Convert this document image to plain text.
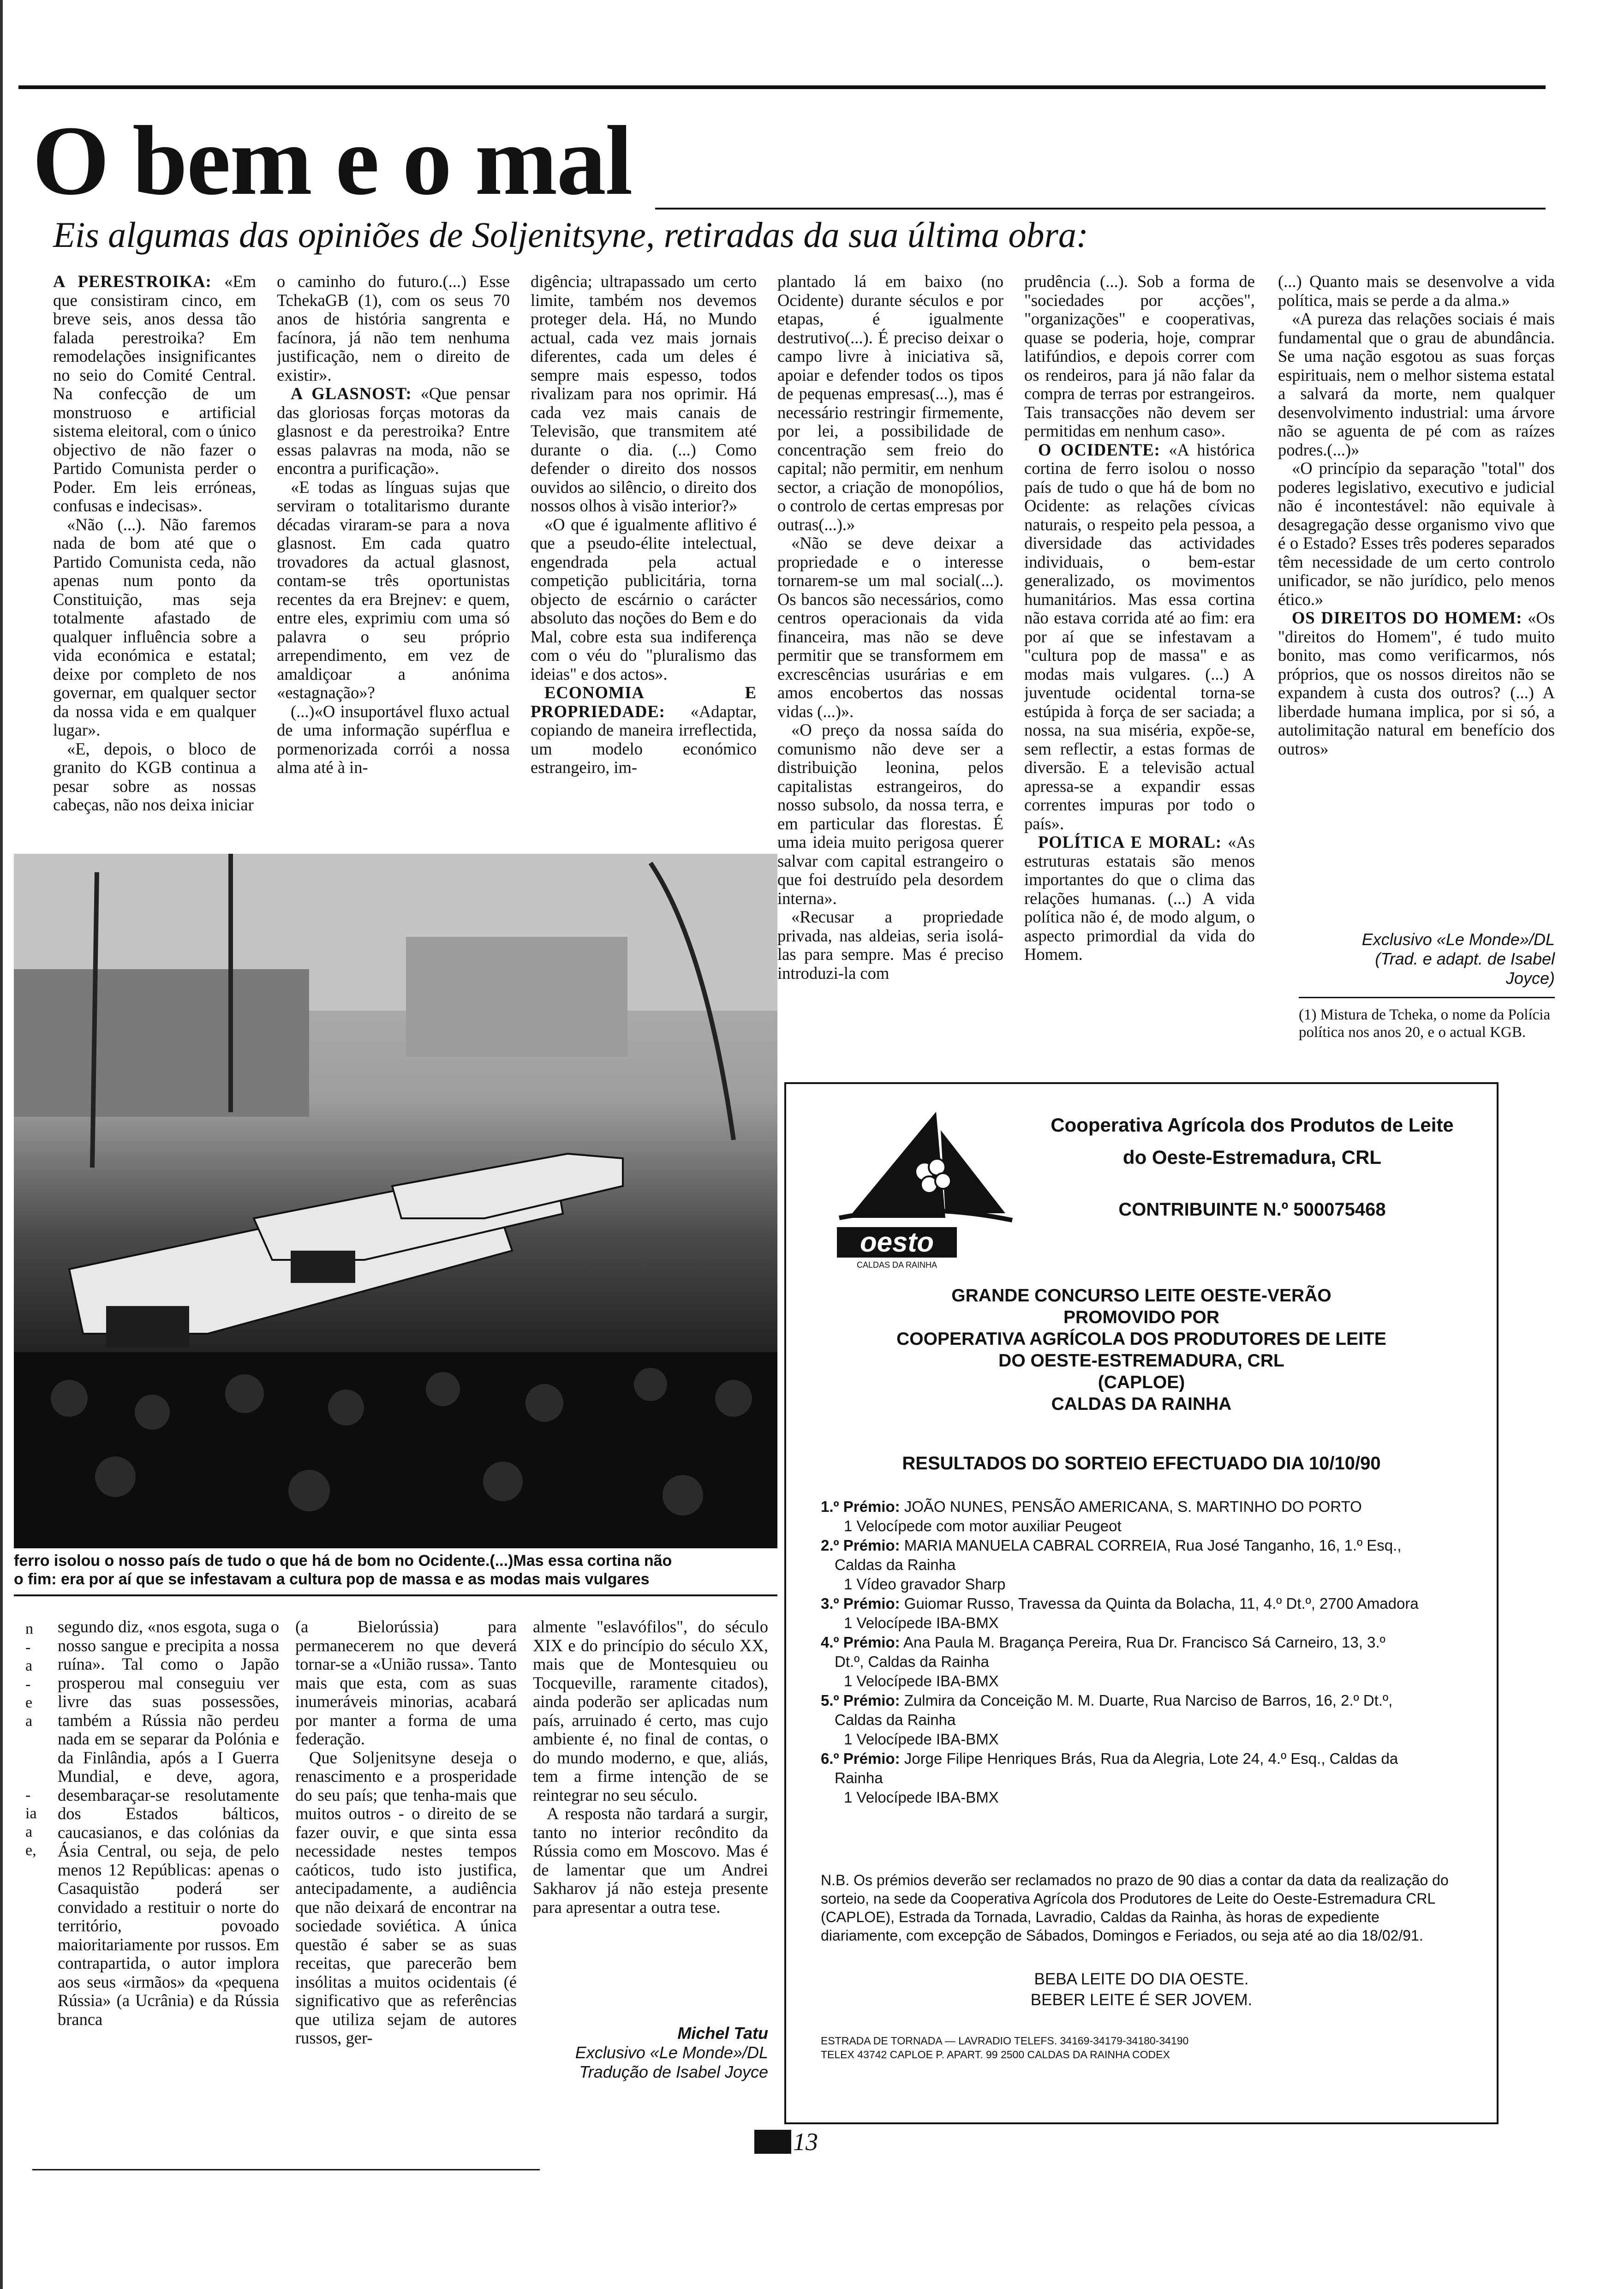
O bem e o mal
Eis algumas das opiniões de Soljenitsyne, retiradas da sua última obra:

A PERESTROIKA: «Em que consistiram cinco, em breve seis, anos dessa tão falada perestroika? Em remodelações insignificantes no seio do Comité Central. Na confecção de um monstruoso e artificial sistema eleitoral, com o único objectivo de não fazer o Partido Comunista perder o Poder. Em leis erróneas, confusas e indecisas».

«Não (...). Não faremos nada de bom até que o Partido Comunista ceda, não apenas num ponto da Constituição, mas seja totalmente afastado de qualquer influência sobre a vida económica e estatal; deixe por completo de nos governar, em qualquer sector da nossa vida e em qualquer lugar».

«E, depois, o bloco de granito do KGB continua a pesar sobre as nossas cabeças, não nos deixa iniciar

o caminho do futuro.(...) Esse TchekaGB (1), com os seus 70 anos de história sangrenta e facínora, já não tem nenhuma justificação, nem o direito de existir».

A GLASNOST: «Que pensar das gloriosas forças motoras da glasnost e da perestroika? Entre essas palavras na moda, não se encontra a purificação».

«E todas as línguas sujas que serviram o totalitarismo durante décadas viraram-se para a nova glasnost. Em cada quatro trovadores da actual glasnost, contam-se três oportunistas recentes da era Brejnev: e quem, entre eles, exprimiu com uma só palavra o seu próprio arrependimento, em vez de amaldiçoar a anónima «estagnação»?

(...)«O insuportável fluxo actual de uma informação supérflua e pormenorizada corrói a nossa alma até à in-

digência; ultrapassado um certo limite, também nos devemos proteger dela. Há, no Mundo actual, cada vez mais jornais diferentes, cada um deles é sempre mais espesso, todos rivalizam para nos oprimir. Há cada vez mais canais de Televisão, que transmitem até durante o dia. (...) Como defender o direito dos nossos ouvidos ao silêncio, o direito dos nossos olhos à visão interior?»

«O que é igualmente aflitivo é que a pseudo-élite intelectual, engendrada pela actual competição publicitária, torna objecto de escárnio o carácter absoluto das noções do Bem e do Mal, cobre esta sua indiferença com o véu do "pluralismo das ideias" e dos actos».

ECONOMIA E PROPRIEDADE: «Adaptar, copiando de maneira irreflectida, um modelo económico estrangeiro, im-

plantado lá em baixo (no Ocidente) durante séculos e por etapas, é igualmente destrutivo(...). É preciso deixar o campo livre à iniciativa sã, apoiar e defender todos os tipos de pequenas empresas(...), mas é necessário restringir firmemente, por lei, a possibilidade de concentração sem freio do capital; não permitir, em nenhum sector, a criação de monopólios, o controlo de certas empresas por outras(...).»

«Não se deve deixar a propriedade e o interesse tornarem-se um mal social(...). Os bancos são necessários, como centros operacionais da vida financeira, mas não se deve permitir que se transformem em excrescências usurárias e em amos encobertos das nossas vidas (...)».

«O preço da nossa saída do comunismo não deve ser a distribuição leonina, pelos capitalistas estrangeiros, do nosso subsolo, da nossa terra, e em particular das florestas. É uma ideia muito perigosa querer salvar com capital estrangeiro o que foi destruído pela desordem interna».

«Recusar a propriedade privada, nas aldeias, seria isolá-las para sempre. Mas é preciso introduzi-la com

prudência (...). Sob a forma de "sociedades por acções", "organizações" e cooperativas, quase se poderia, hoje, comprar latifúndios, e depois correr com os rendeiros, para já não falar da compra de terras por estrangeiros. Tais transacções não devem ser permitidas em nenhum caso».

O OCIDENTE: «A histórica cortina de ferro isolou o nosso país de tudo o que há de bom no Ocidente: as relações cívicas naturais, o respeito pela pessoa, a diversidade das actividades individuais, o bem-estar generalizado, os movimentos humanitários. Mas essa cortina não estava corrida até ao fim: era por aí que se infestavam a "cultura pop de massa" e as modas mais vulgares. (...) A juventude ocidental torna-se estúpida à força de ser saciada; a nossa, na sua miséria, expõe-se, sem reflectir, a estas formas de diversão. E a televisão actual apressa-se a expandir essas correntes impuras por todo o país».

POLÍTICA E MORAL: «As estruturas estatais são menos importantes do que o clima das relações humanas. (...) A vida política não é, de modo algum, o aspecto primordial da vida do Homem.

(...) Quanto mais se desenvolve a vida política, mais se perde a da alma.»

«A pureza das relações sociais é mais fundamental que o grau de abundância. Se uma nação esgotou as suas forças espirituais, nem o melhor sistema estatal a salvará da morte, nem qualquer desenvolvimento industrial: uma árvore não se aguenta de pé com as raízes podres.(...)»

«O princípio da separação "total" dos poderes legislativo, executivo e judicial não é incontestável: não equivale à desagregação desse organismo vivo que é o Estado? Esses três poderes separados têm necessidade de um certo controlo unificador, se não jurídico, pelo menos ético.»

OS DIREITOS DO HOMEM: «Os "direitos do Homem", é tudo muito bonito, mas como verificarmos, nós próprios, que os nossos direitos não se expandem à custa dos outros? (...) A liberdade humana implica, por si só, a autolimitação natural em benefício dos outros»

Exclusivo «Le Monde»/DL
(Trad. e adapt. de Isabel
Joyce)
(1) Mistura de Tcheka, o nome da Polícia política nos anos 20, e o actual KGB.
ferro isolou o nosso país de tudo o que há de bom no Ocidente.(...)Mas essa cortina não
o fim: era por aí que se infestavam a cultura pop de massa e as modas mais vulgares
n
-
a
-
e
a
-
ia
a
e,

segundo diz, «nos esgota, suga o nosso sangue e precipita a nossa ruína». Tal como o Japão prosperou mal conseguiu ver livre das suas possessões, também a Rússia não perdeu nada em se separar da Polónia e da Finlândia, após a I Guerra Mundial, e deve, agora, desembaraçar-se resolutamente dos Estados bálticos, caucasianos, e das colónias da Ásia Central, ou seja, de pelo menos 12 Repúblicas: apenas o Casaquistão poderá ser convidado a restituir o norte do território, povoado maioritariamente por russos. Em contrapartida, o autor implora aos seus «irmãos» da «pequena Rússia» (a Ucrânia) e da Rússia branca

(a Bielorússia) para permanecerem no que deverá tornar-se a «União russa». Tanto mais que esta, com as suas inumeráveis minorias, acabará por manter a forma de uma federação.

Que Soljenitsyne deseja o renascimento e a prosperidade do seu país; que tenha-mais que muitos outros - o direito de se fazer ouvir, e que sinta essa necessidade nestes tempos caóticos, tudo isto justifica, antecipadamente, a audiência que não deixará de encontrar na sociedade soviética. A única questão é saber se as suas receitas, que parecerão bem insólitas a muitos ocidentais (é significativo que as referências que utiliza sejam de autores russos, ger-

almente "eslavófilos", do século XIX e do princípio do século XX, mais que de Montesquieu ou Tocqueville, raramente citados), ainda poderão ser aplicadas num país, arruinado é certo, mas cujo ambiente é, no final de contas, o do mundo moderno, e que, aliás, tem a firme intenção de se reintegrar no seu século.

A resposta não tardará a surgir, tanto no interior recôndito da Rússia como em Moscovo. Mas é de lamentar que um Andrei Sakharov já não esteja presente para apresentar a outra tese.

Michel Tatu
Exclusivo «Le Monde»/DL
Tradução de Isabel Joyce
oesto
CALDAS DA RAINHA
Cooperativa Agrícola dos Produtos de Leite
do Oeste-Estremadura, CRL
CONTRIBUINTE N.º 500075468
GRANDE CONCURSO LEITE OESTE-VERÃO
PROMOVIDO POR
COOPERATIVA AGRÍCOLA DOS PRODUTORES DE LEITE
DO OESTE-ESTREMADURA, CRL
(CAPLOE)
CALDAS DA RAINHA
RESULTADOS DO SORTEIO EFECTUADO DIA 10/10/90
1.º Prémio: JOÃO NUNES, PENSÃO AMERICANA, S. MARTINHO DO PORTO
1 Velocípede com motor auxiliar Peugeot
2.º Prémio: MARIA MANUELA CABRAL CORREIA, Rua José Tanganho, 16, 1.º Esq.,
Caldas da Rainha
1 Vídeo gravador Sharp
3.º Prémio: Guiomar Russo, Travessa da Quinta da Bolacha, 11, 4.º Dt.º, 2700 Amadora
1 Velocípede IBA-BMX
4.º Prémio: Ana Paula M. Bragança Pereira, Rua Dr. Francisco Sá Carneiro, 13, 3.º
Dt.º, Caldas da Rainha
1 Velocípede IBA-BMX
5.º Prémio: Zulmira da Conceição M. M. Duarte, Rua Narciso de Barros, 16, 2.º Dt.º,
Caldas da Rainha
1 Velocípede IBA-BMX
6.º Prémio: Jorge Filipe Henriques Brás, Rua da Alegria, Lote 24, 4.º Esq., Caldas da
Rainha
1 Velocípede IBA-BMX
N.B. Os prémios deverão ser reclamados no prazo de 90 dias a contar da data da realização do sorteio, na sede da Cooperativa Agrícola dos Produtores de Leite do Oeste-Estremadura CRL (CAPLOE), Estrada da Tornada, Lavradio, Caldas da Rainha, às horas de expediente diariamente, com excepção de Sábados, Domingos e Feriados, ou seja até ao dia 18/02/91.
BEBA LEITE DO DIA OESTE.
BEBER LEITE É SER JOVEM.
ESTRADA DE TORNADA — LAVRADIO TELEFS. 34169-34179-34180-34190
TELEX 43742 CAPLOE P. APART. 99 2500 CALDAS DA RAINHA CODEX
13
